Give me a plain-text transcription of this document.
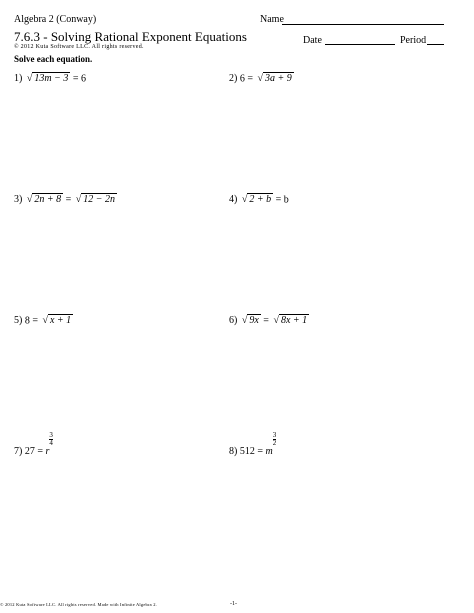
Algebra 2 (Conway)	Name
7.6.3 - Solving Rational Exponent Equations	Date	Period
© 2012 Kuta Software LLC. All rights reserved.
Solve each equation.
1) √ 13m − 3 = 6	2) 6 = √ 3a + 9
3) √ 2n + 8 = √ 12 − 2n	4) √ 2 + b = b
5) 8 = √ x + 1	6) √ 9x = √ 8x + 1
7) 27 = r
$\frac{3}{4}$
8) 512 = m
$\frac{3}{2}$
© 2012 Kuta Software LLC. All rights reserved. Made with Infinite Algebra 2.	-1-
